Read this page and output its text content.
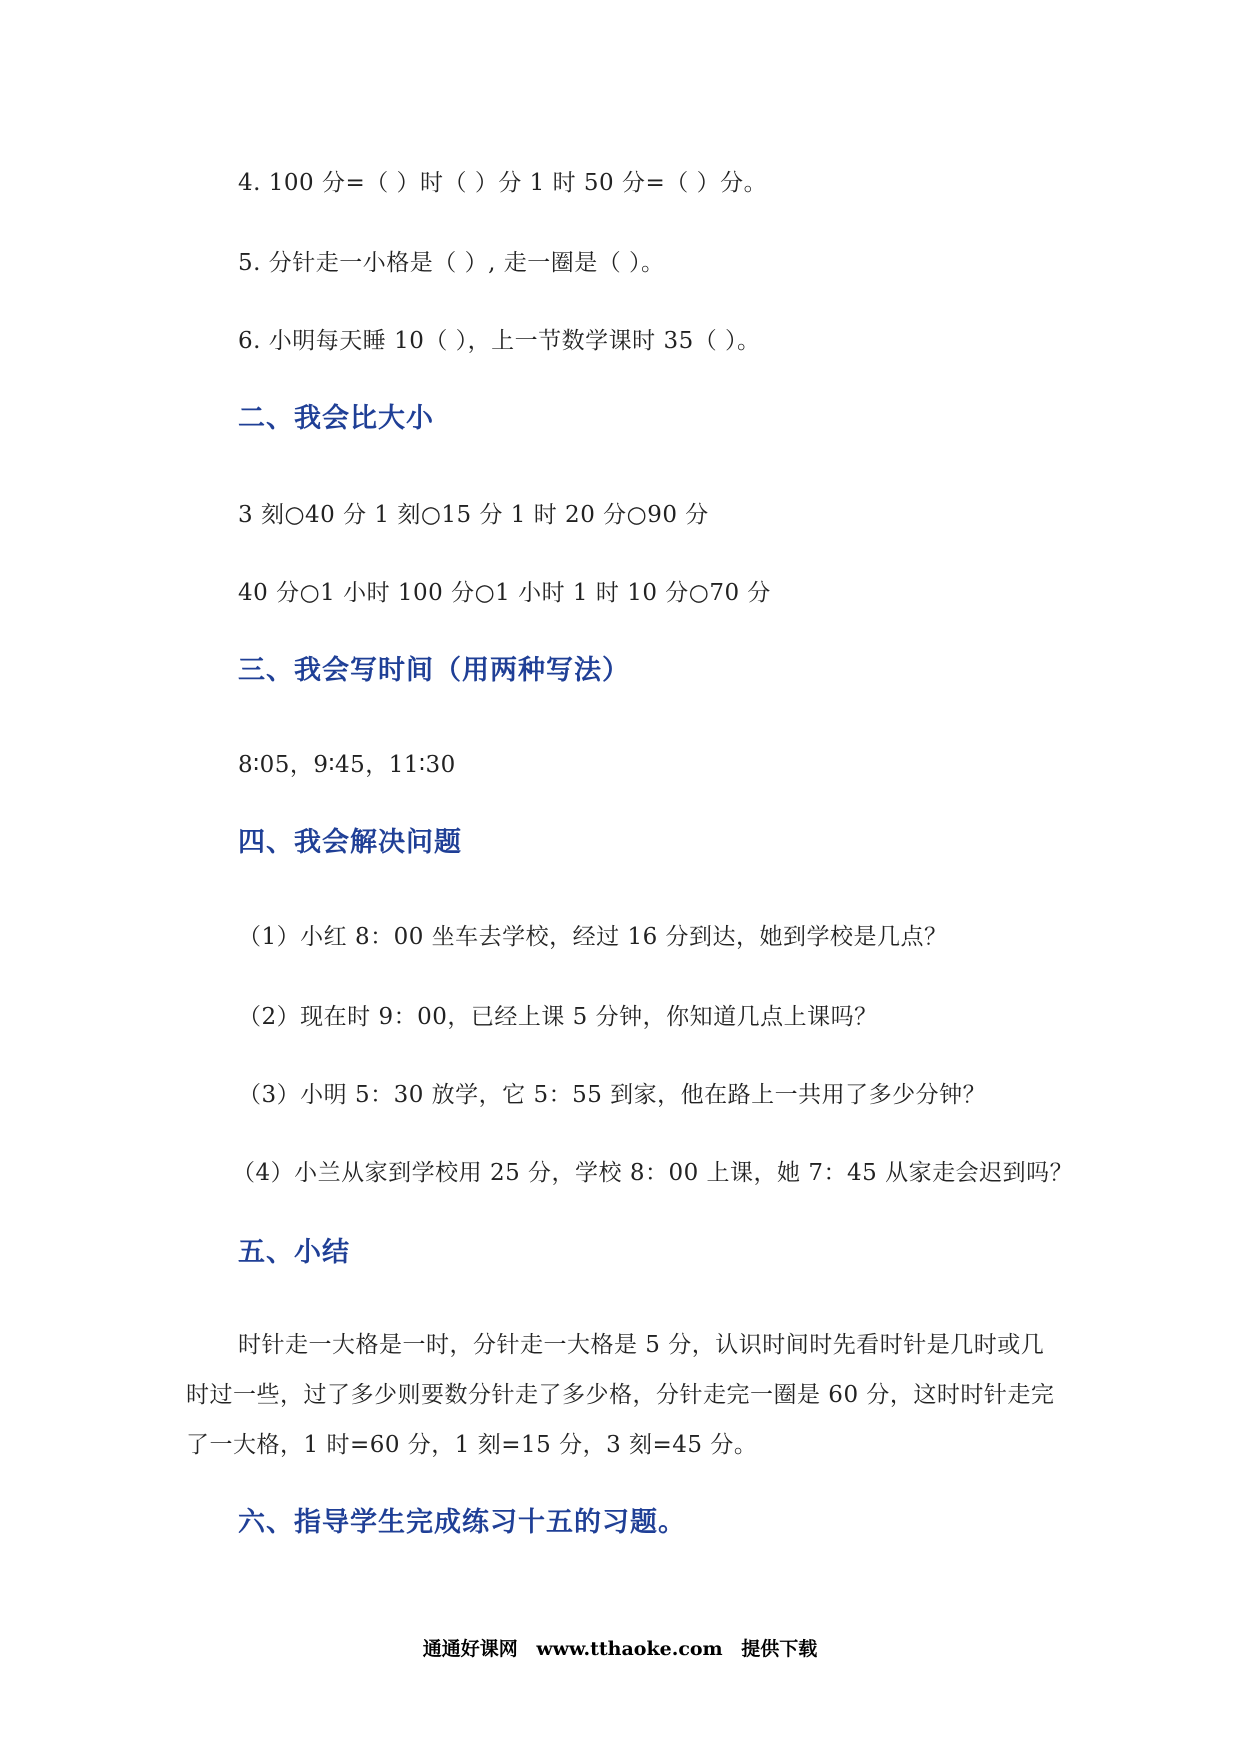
4. 100 分=（ ）时（ ）分 1 时 50 分=（ ）分。
5. 分针走一小格是（ ）, 走一圈是（ ）。
6. 小明每天睡 10（ ），上一节数学课时 35（ ）。
二、我会比大小
3 刻○40 分 1 刻○15 分 1 时 20 分○90 分
40 分○1 小时 100 分○1 小时 1 时 10 分○70 分
三、我会写时间（用两种写法）
8∶05，9∶45，11∶30
四、我会解决问题
（1）小红 8：00 坐车去学校，经过 16 分到达，她到学校是几点？
（2）现在时 9：00，已经上课 5 分钟，你知道几点上课吗？
（3）小明 5：30 放学，它 5：55 到家，他在路上一共用了多少分钟？
（4）小兰从家到学校用 25 分，学校 8：00 上课，她 7：45 从家走会迟到吗？
五、小结
时针走一大格是一时，分针走一大格是 5 分，认识时间时先看时针是几时或几时过一些，过了多少则要数分针走了多少格，分针走完一圈是 60 分，这时时针走完了一大格，1 时=60 分，1 刻=15 分，3 刻=45 分。
六、指导学生完成练习十五的习题。
通通好课网 www.tthaoke.com 提供下载
